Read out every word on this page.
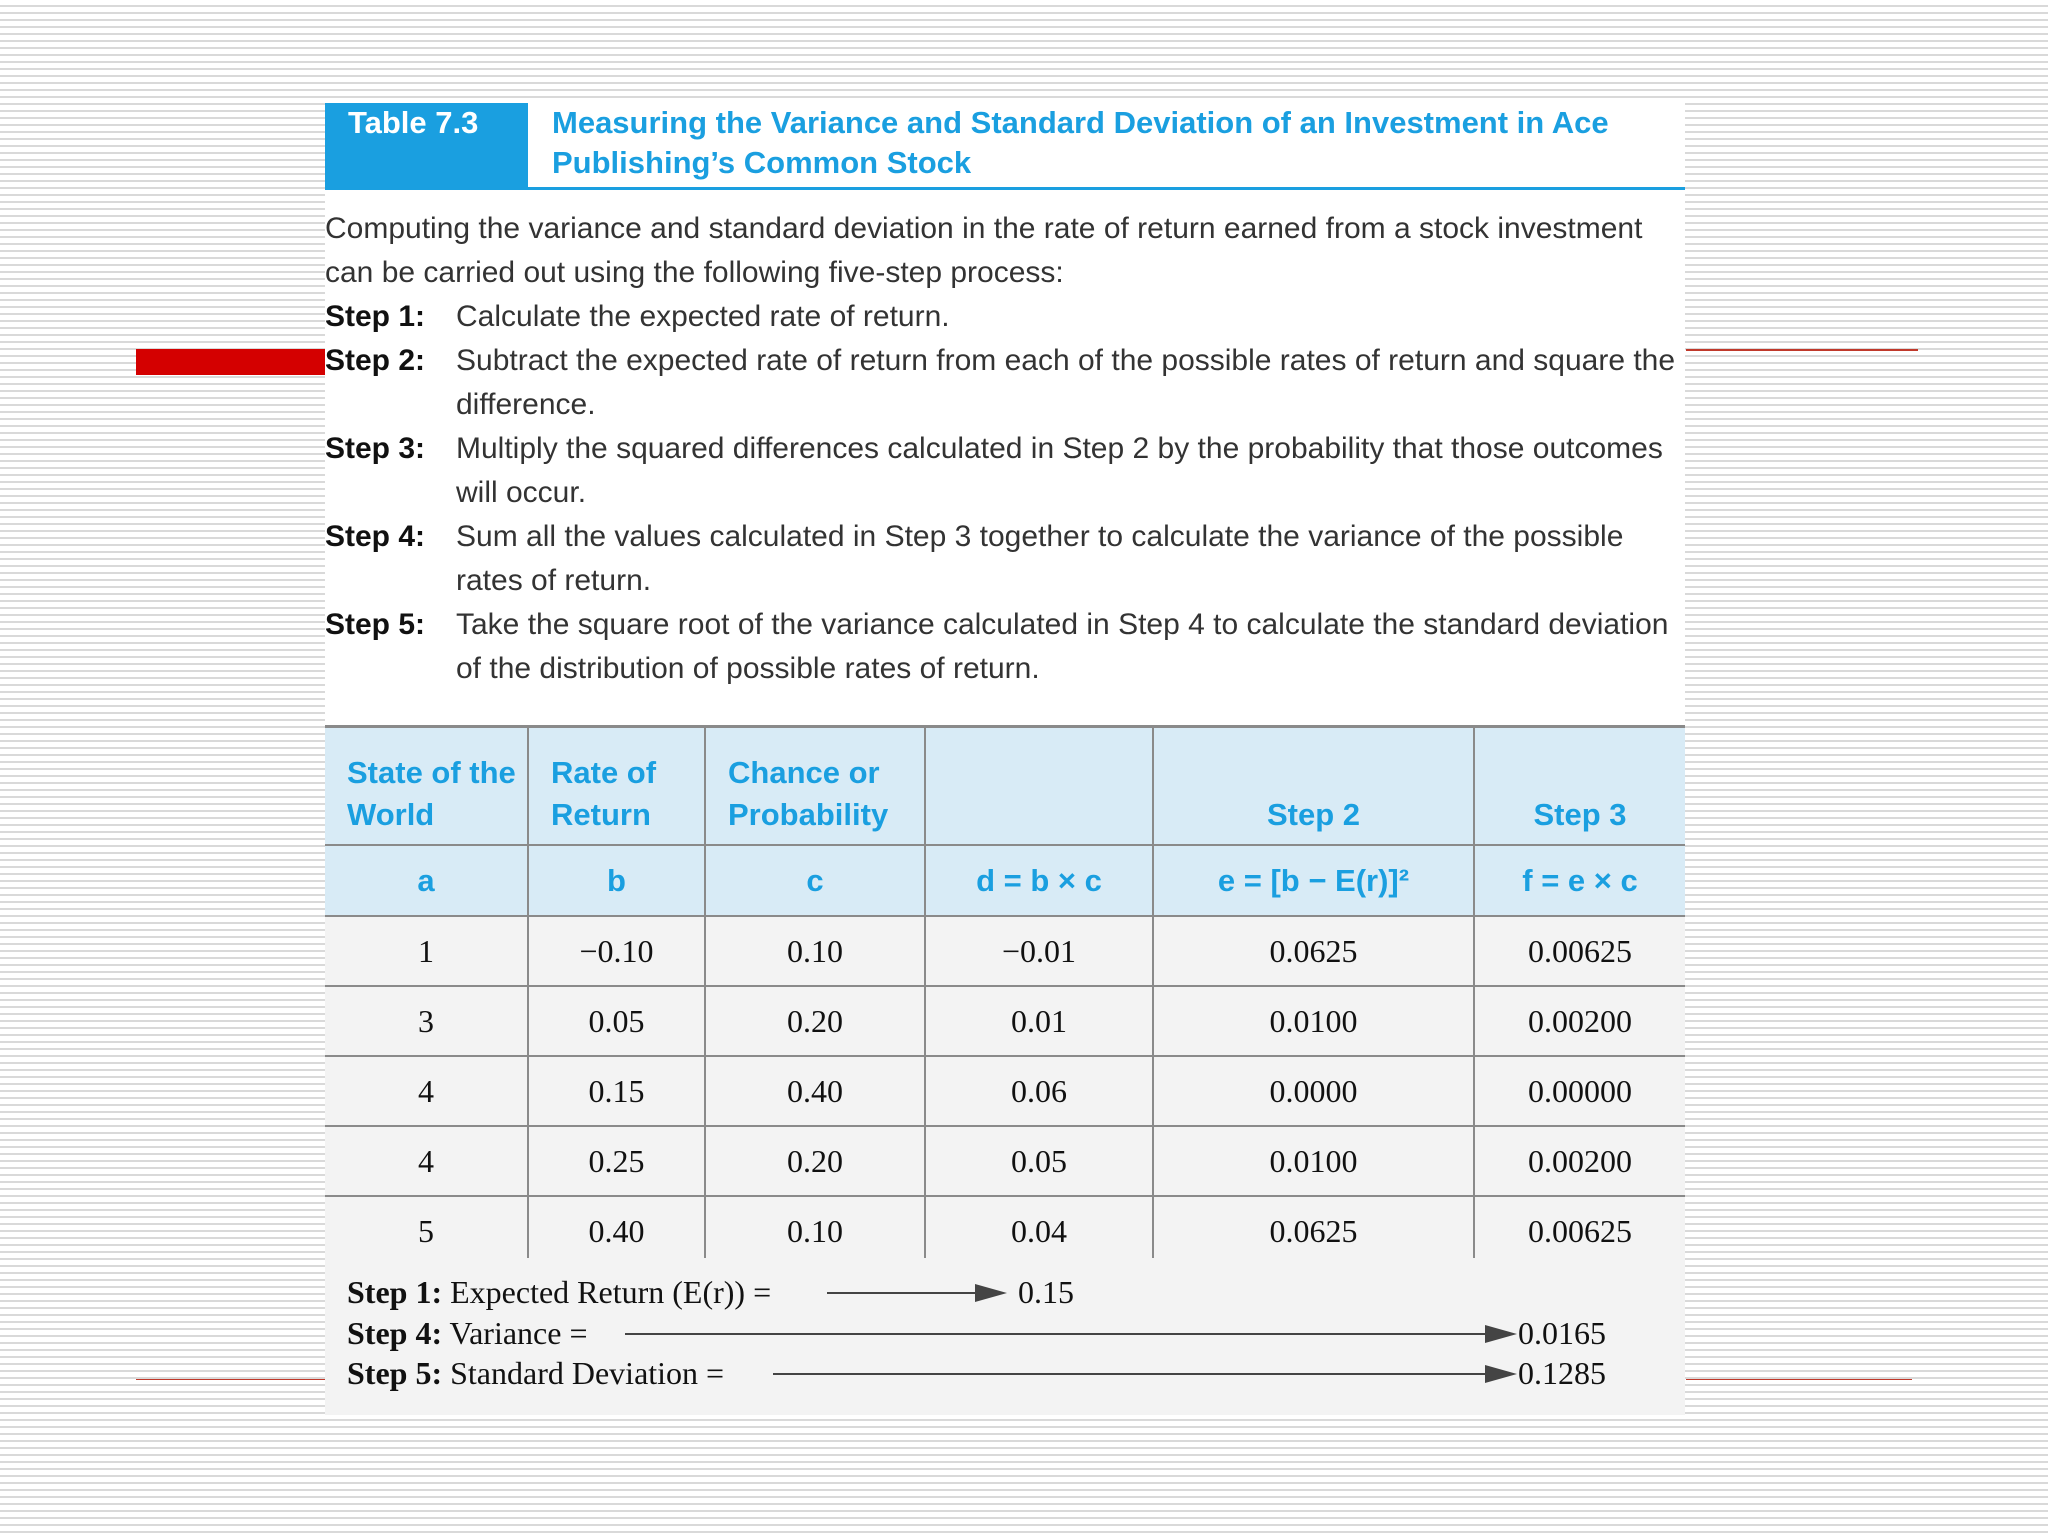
Table 7.3	Measuring the Variance and Standard Deviation of an Investment in Ace Publishing’s Common Stock
Computing the variance and standard deviation in the rate of return earned from a stock investment can be carried out using the following five-step process:
Step 1: Calculate the expected rate of return.
Step 2: Subtract the expected rate of return from each of the possible rates of return and square the difference.
Step 3: Multiply the squared differences calculated in Step 2 by the probability that those outcomes will occur.
Step 4: Sum all the values calculated in Step 3 together to calculate the variance of the possible rates of return.
Step 5: Take the square root of the variance calculated in Step 4 to calculate the standard deviation of the distribution of possible rates of return.
State of the World	Rate of Return	Chance or Probability		Step 2	Step 3
a	b	c	d = b × c	e = [b − E(r)]²	f = e × c
1	−0.10	0.10	−0.01	0.0625	0.00625
3	0.05	0.20	0.01	0.0100	0.00200
4	0.15	0.40	0.06	0.0000	0.00000
4	0.25	0.20	0.05	0.0100	0.00200
5	0.40	0.10	0.04	0.0625	0.00625
Step 1: Expected Return (E(r)) =	0.15
Step 4: Variance =	0.0165
Step 5: Standard Deviation =	0.1285
